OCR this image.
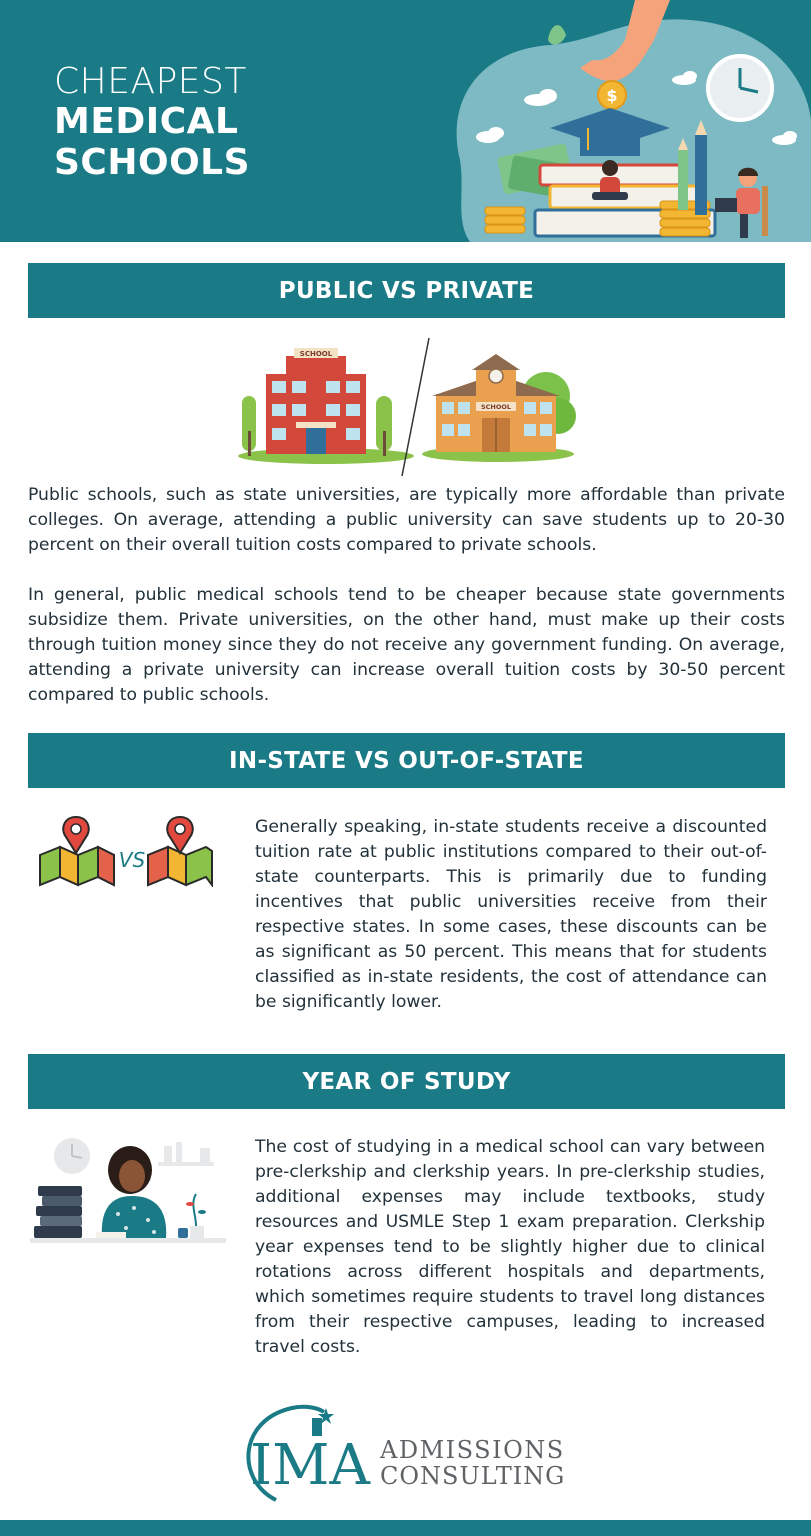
CHEAPEST
MEDICAL
SCHOOLS
$
PUBLIC VS PRIVATE
SCHOOL
SCHOOL

Public schools, such as state universities, are typically more affordable than private colleges. On average, attending a public university can save students up to 20-30 percent on their overall tuition costs compared to private schools.

In general, public medical schools tend to be cheaper because state governments subsidize them. Private universities, on the other hand, must make up their costs through tuition money since they do not receive any government funding. On average, attending a private university can increase overall tuition costs by 30-50 percent compared to public schools.

IN-STATE VS OUT-OF-STATE
VS

Generally speaking, in-state students receive a discounted tuition rate at public institutions compared to their out-of-state counterparts. This is primarily due to funding incentives that public universities receive from their respective states. In some cases, these discounts can be as significant as 50 percent. This means that for students classified as in-state residents, the cost of attendance can be significantly lower.

YEAR OF STUDY

The cost of studying in a medical school can vary between pre-clerkship and clerkship years. In pre-clerkship studies, additional expenses may include textbooks, study resources and USMLE Step 1 exam preparation. Clerkship year expenses tend to be slightly higher due to clinical rotations across different hospitals and departments, which sometimes require students to travel long distances from their respective campuses, leading to increased travel costs.

IMA ADMISSIONS
CONSULTING
